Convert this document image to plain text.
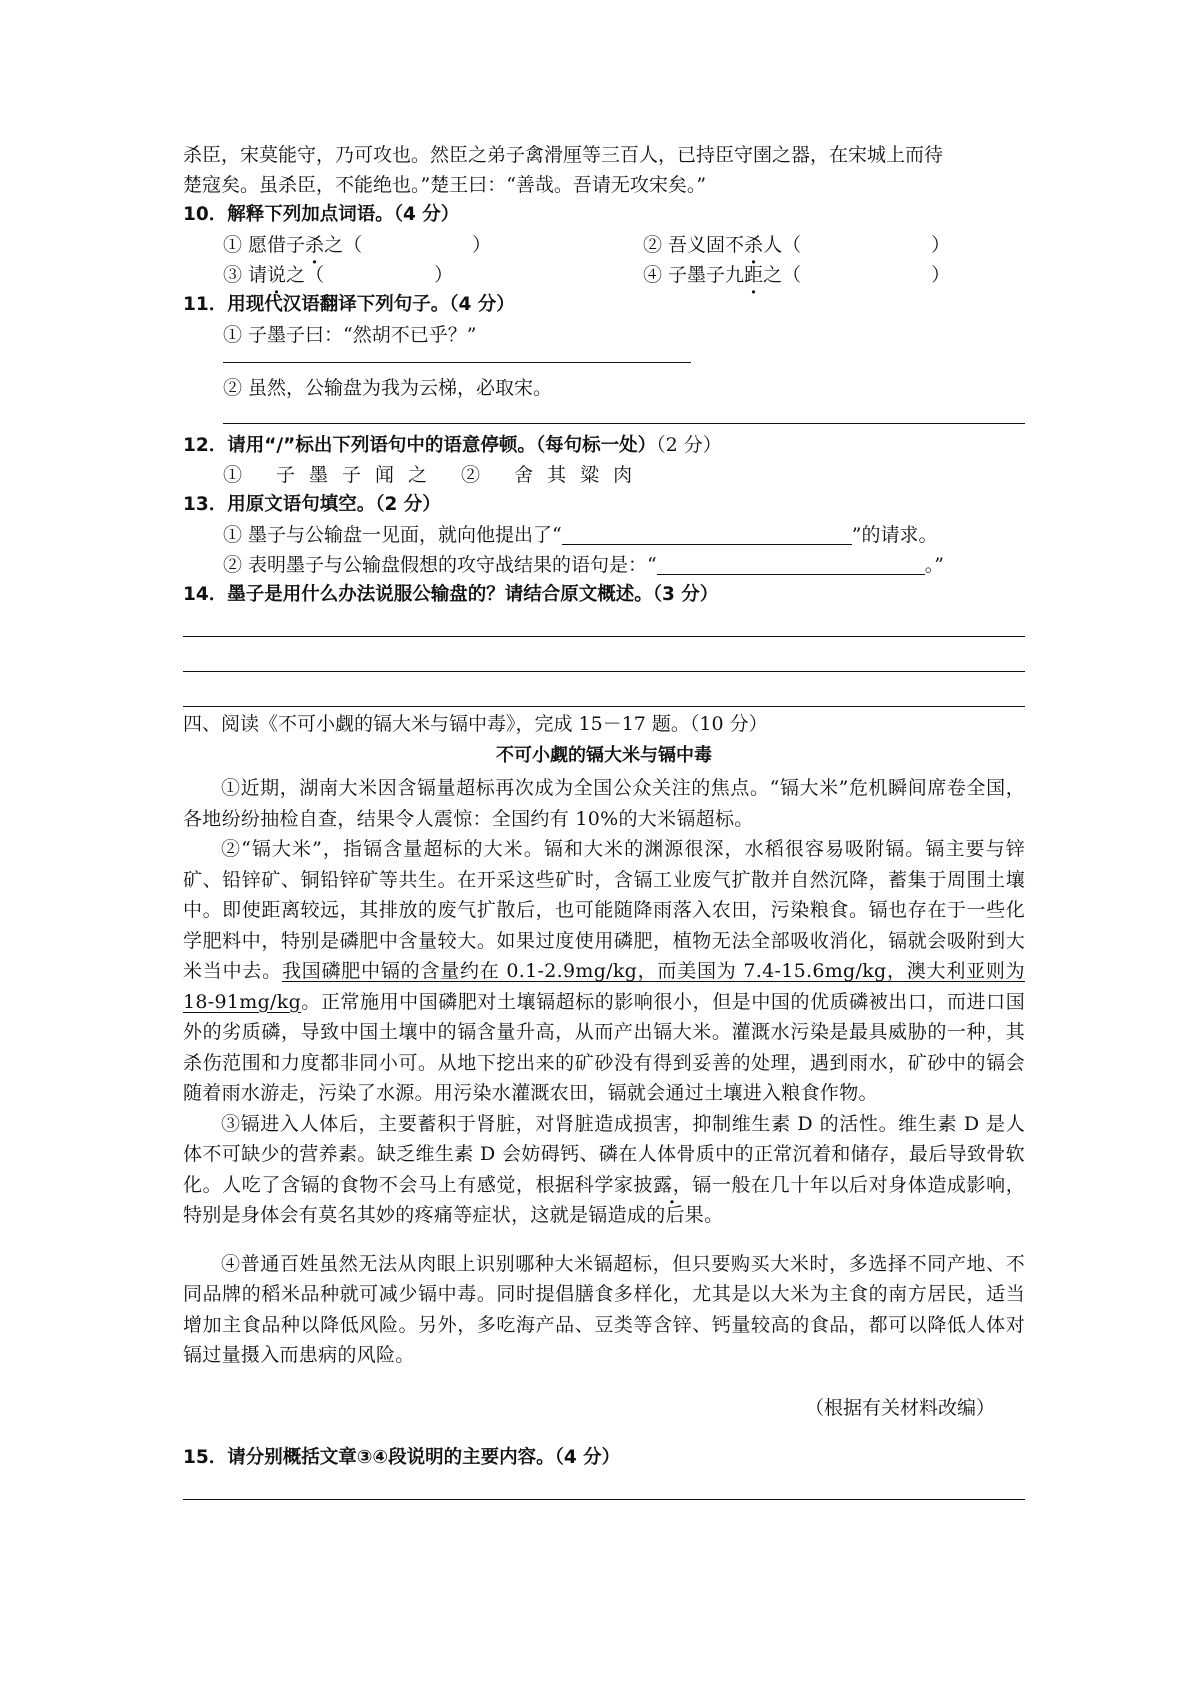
杀臣，宋莫能守，乃可攻也。然臣之弟子禽滑厘等三百人，已持臣守圉之器，在宋城上而待
楚寇矣。虽杀臣，不能绝也。”楚王曰：“善哉。吾请无攻宋矣。”
10．解释下列加点词语。（4 分）
① 愿借子杀之（	）	② 吾义固不杀人（	）
③ 请说之（	）	④ 子墨子九距之（	）
11．用现代汉语翻译下列句子。（4 分）
① 子墨子曰：“然胡不已乎？”
② 虽然，公输盘为我为云梯，必取宋。
12．请用“/”标出下列语句中的语意停顿。（每句标一处）（2 分）
① 子墨子闻之 ② 舍其粱肉
13．用原文语句填空。（2 分）
① 墨子与公输盘一见面，就向他提出了“	”的请求。
② 表明墨子与公输盘假想的攻守战结果的语句是：“	。”
14．墨子是用什么办法说服公输盘的？请结合原文概述。（3 分）
四、阅读《不可小觑的镉大米与镉中毒》，完成 15－17 题。（10 分）
不可小觑的镉大米与镉中毒
①近期，湖南大米因含镉量超标再次成为全国公众关注的焦点。“镉大米”危机瞬间席卷全国，各地纷纷抽检自查，结果令人震惊：全国约有 10%的大米镉超标。
②“镉大米”，指镉含量超标的大米。镉和大米的渊源很深，水稻很容易吸附镉。镉主要与锌矿、铅锌矿、铜铅锌矿等共生。在开采这些矿时，含镉工业废气扩散并自然沉降，蓄集于周围土壤中。即使距离较远，其排放的废气扩散后，也可能随降雨落入农田，污染粮食。镉也存在于一些化学肥料中，特别是磷肥中含量较大。如果过度使用磷肥，植物无法全部吸收消化，镉就会吸附到大米当中去。我国磷肥中镉的含量约在 0.1-2.9mg/kg，而美国为 7.4-15.6mg/kg，澳大利亚则为 18-91mg/kg。正常施用中国磷肥对土壤镉超标的影响很小，但是中国的优质磷被出口，而进口国外的劣质磷，导致中国土壤中的镉含量升高，从而产出镉大米。灌溉水污染是最具威胁的一种，其杀伤范围和力度都非同小可。从地下挖出来的矿砂没有得到妥善的处理，遇到雨水，矿砂中的镉会随着雨水游走，污染了水源。用污染水灌溉农田，镉就会通过土壤进入粮食作物。
③镉进入人体后，主要蓄积于肾脏，对肾脏造成损害，抑制维生素 D 的活性。维生素 D 是人体不可缺少的营养素。缺乏维生素 D 会妨碍钙、磷在人体骨质中的正常沉着和储存，最后导致骨软化。人吃了含镉的食物不会马上有感觉，根据科学家披露，镉一般在几十年以后对身体造成影响，特别是身体会有莫名其妙的疼痛等症状，这就是镉造成的后果。
④普通百姓虽然无法从肉眼上识别哪种大米镉超标，但只要购买大米时，多选择不同产地、不同品牌的稻米品种就可减少镉中毒。同时提倡膳食多样化，尤其是以大米为主食的南方居民，适当增加主食品种以降低风险。另外，多吃海产品、豆类等含锌、钙量较高的食品，都可以降低人体对镉过量摄入而患病的风险。
（根据有关材料改编）
15．请分别概括文章③④段说明的主要内容。（4 分）
